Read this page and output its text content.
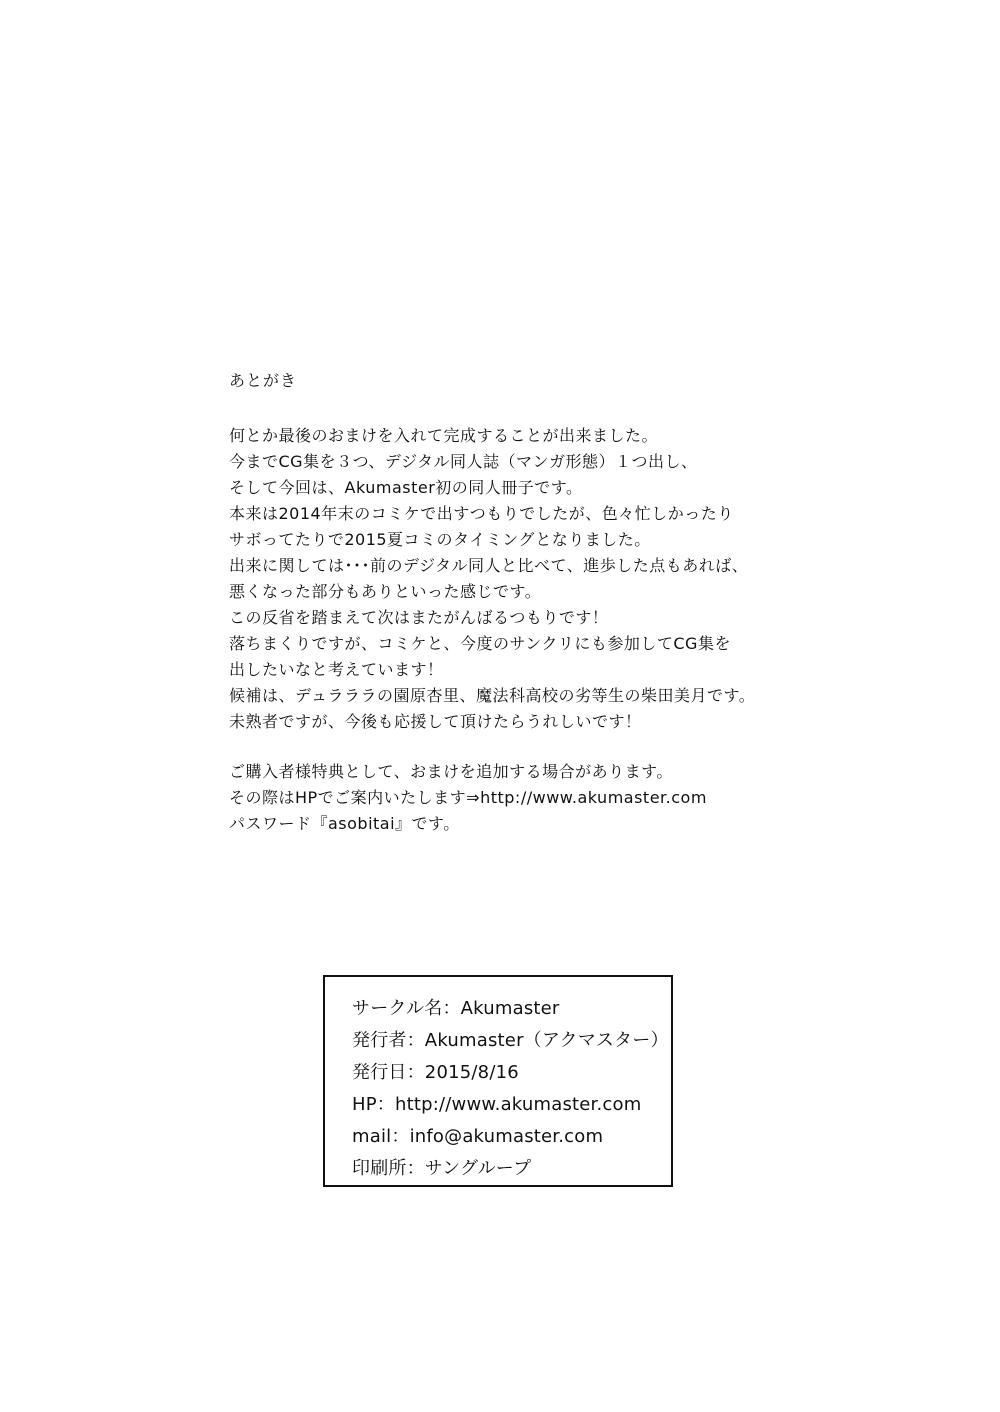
あとがき
何とか最後のおまけを入れて完成することが出来ました。
今までCG集を３つ、デジタル同人誌（マンガ形態）１つ出し、
そして今回は、Akumaster初の同人冊子です。
本来は2014年末のコミケで出すつもりでしたが、色々忙しかったり
サボってたりで2015夏コミのタイミングとなりました。
出来に関しては･･･前のデジタル同人と比べて、進歩した点もあれば、
悪くなった部分もありといった感じです。
この反省を踏まえて次はまたがんばるつもりです！
落ちまくりですが、コミケと、今度のサンクリにも参加してCG集を
出したいなと考えています！
候補は、デュラララの園原杏里、魔法科高校の劣等生の柴田美月です。
未熟者ですが、今後も応援して頂けたらうれしいです！
ご購入者様特典として、おまけを追加する場合があります。
その際はHPでご案内いたします⇒http://www.akumaster.com
パスワード『asobitai』です。
サークル名：Akumaster
発行者：Akumaster（アクマスター）
発行日：2015/8/16
HP：http://www.akumaster.com
mail：info@akumaster.com
印刷所：サングループ
